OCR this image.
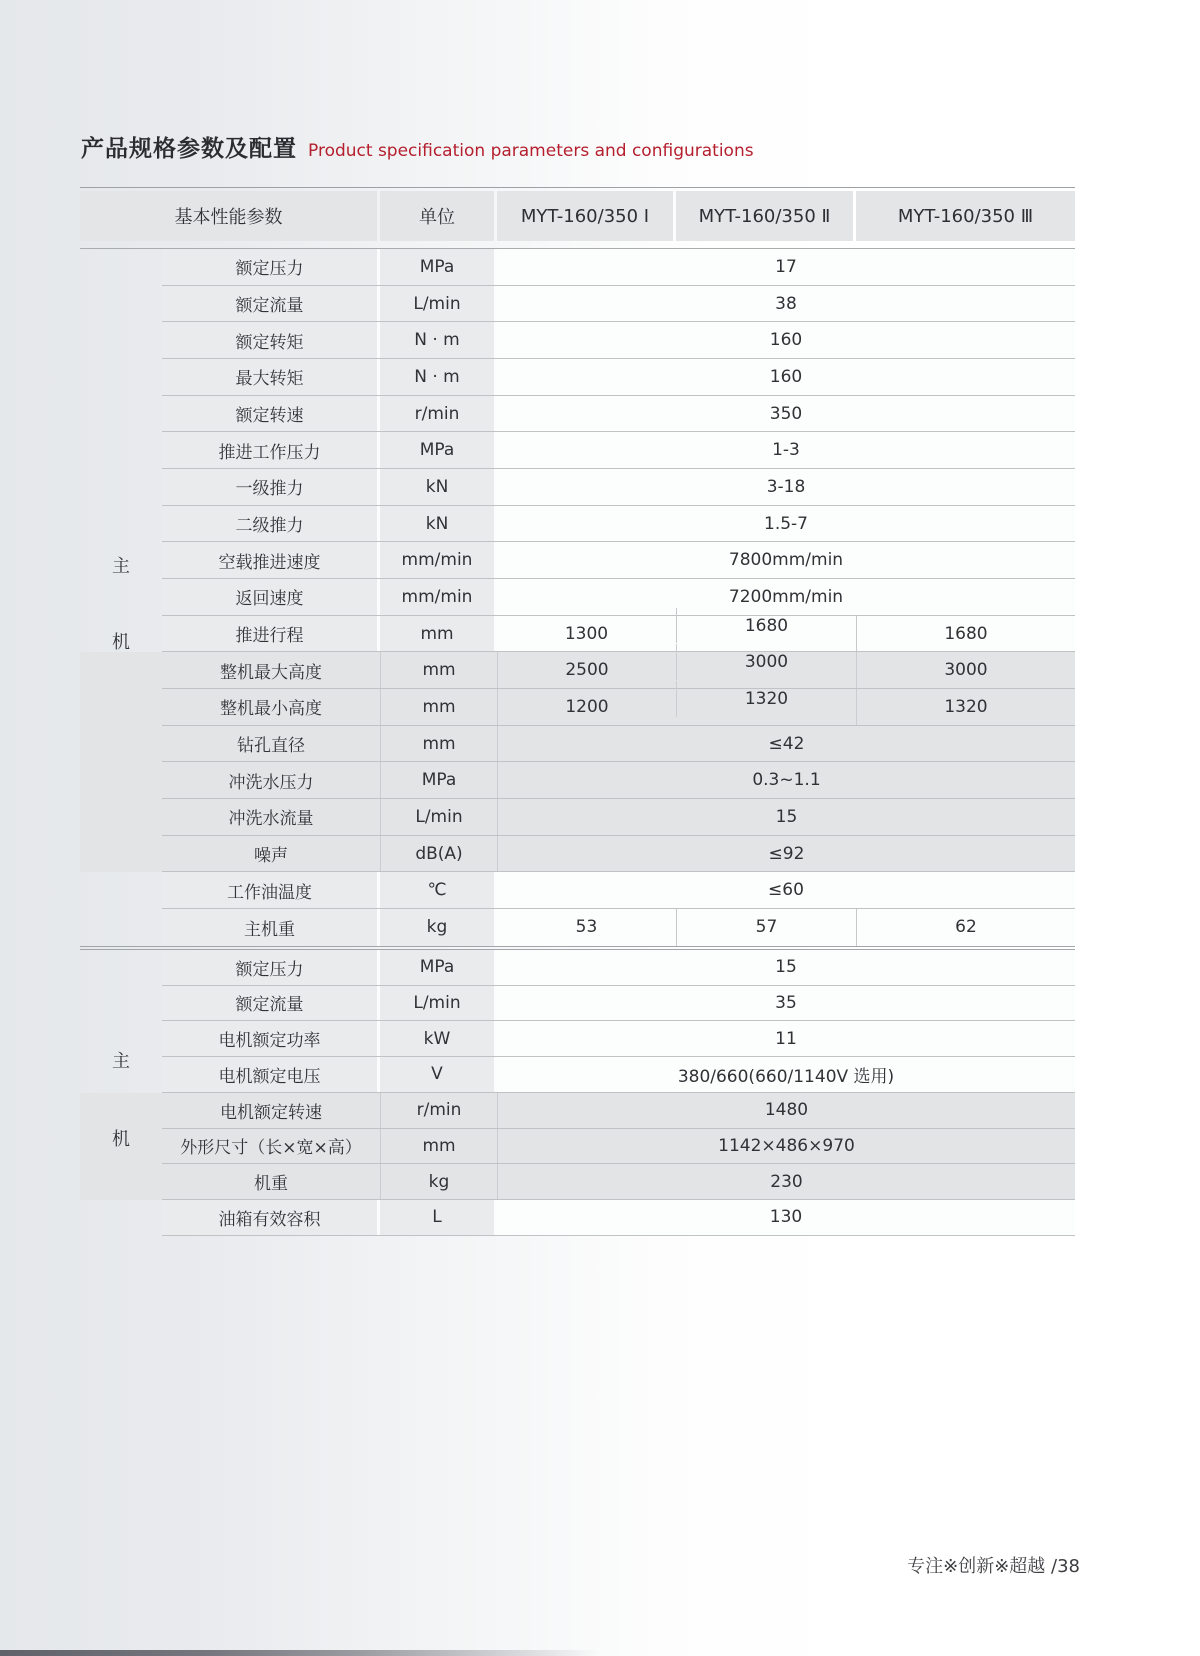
产品规格参数及配置 Product specification parameters and configurations
基本性能参数	单位	MYT-160/350 Ⅰ	MYT-160/350 Ⅱ	MYT-160/350 Ⅲ
主
机
额定压力	MPa	17
额定流量	L/min	38
额定转矩	N · m	160
最大转矩	N · m	160
额定转速	r/min	350
推进工作压力	MPa	1-3
一级推力	kN	3-18
二级推力	kN	1.5-7
空载推进速度	mm/min	7800mm/min
返回速度	mm/min	7200mm/min
推进行程	mm	1300	1680	1680
整机最大高度	mm	2500	3000	3000
整机最小高度	mm	1200	1320	1320
钻孔直径	mm	≤42
冲洗水压力	MPa	0.3~1.1
冲洗水流量	L/min	15
噪声	dB(A)	≤92
工作油温度	℃	≤60
主机重	kg	53	57	62
主
机
额定压力	MPa	15
额定流量	L/min	35
电机额定功率	kW	11
电机额定电压	V	380/660(660/1140V 选用)
电机额定转速	r/min	1480
外形尺寸（长×宽×高）	mm	1142×486×970
机重	kg	230
油箱有效容积	L	130
专注※创新※超越 /38
